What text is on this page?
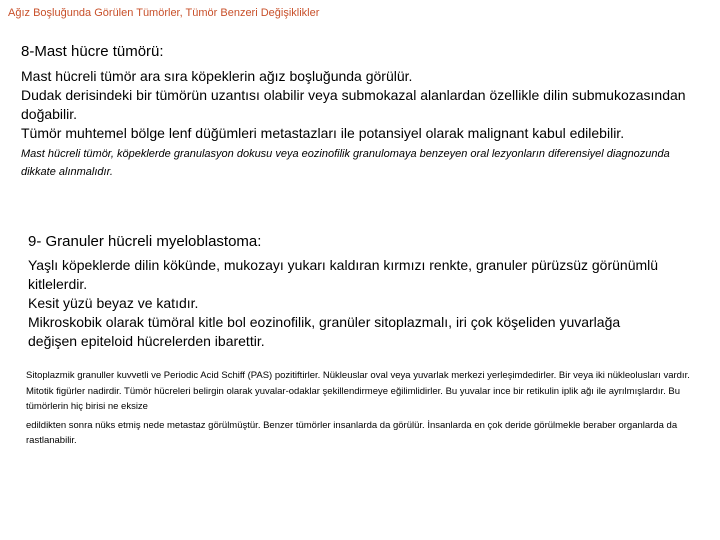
Ağız Boşluğunda Görülen Tümörler, Tümör Benzeri Değişiklikler

8-Mast hücre tümörü:

Mast hücreli tümör ara sıra köpeklerin ağız boşluğunda görülür.

Dudak derisindeki bir tümörün uzantısı olabilir veya submokazal alanlardan özellikle dilin submukozasından doğabilir.

Tümör muhtemel bölge lenf düğümleri metastazları ile potansiyel olarak malignant kabul edilebilir.

Mast hücreli tümör, köpeklerde granulasyon dokusu veya eozinofilik granulomaya benzeyen oral lezyonların diferensiyel diagnozunda dikkate alınmalıdır.

9- Granuler hücreli myeloblastoma:

Yaşlı köpeklerde dilin kökünde, mukozayı yukarı kaldıran kırmızı renkte, granuler pürüzsüz görünümlü kitlelerdir.

Kesit yüzü beyaz ve katıdır.

Mikroskobik olarak tümöral kitle bol eozinofilik, granüler sitoplazmalı, iri çok köşeliden yuvarlağa değişen epiteloid hücrelerden ibarettir.

Sitoplazmik granuller kuvvetli ve Periodic Acid Schiff (PAS) pozitiftirler. Nükleuslar oval veya yuvarlak merkezi yerleşimdedirler. Bir veya iki nükleolusları vardır. Mitotik figürler nadirdir. Tümör hücreleri belirgin olarak yuvalar-odaklar şekillendirmeye eğilimlidirler. Bu yuvalar ince bir retikulin iplik ağı ile ayrılmışlardır. Bu tümörlerin hiç birisi ne eksize
edildikten sonra nüks etmiş nede metastaz görülmüştür. Benzer tümörler insanlarda da görülür. İnsanlarda en çok deride görülmekle beraber organlarda da rastlanabilir.
